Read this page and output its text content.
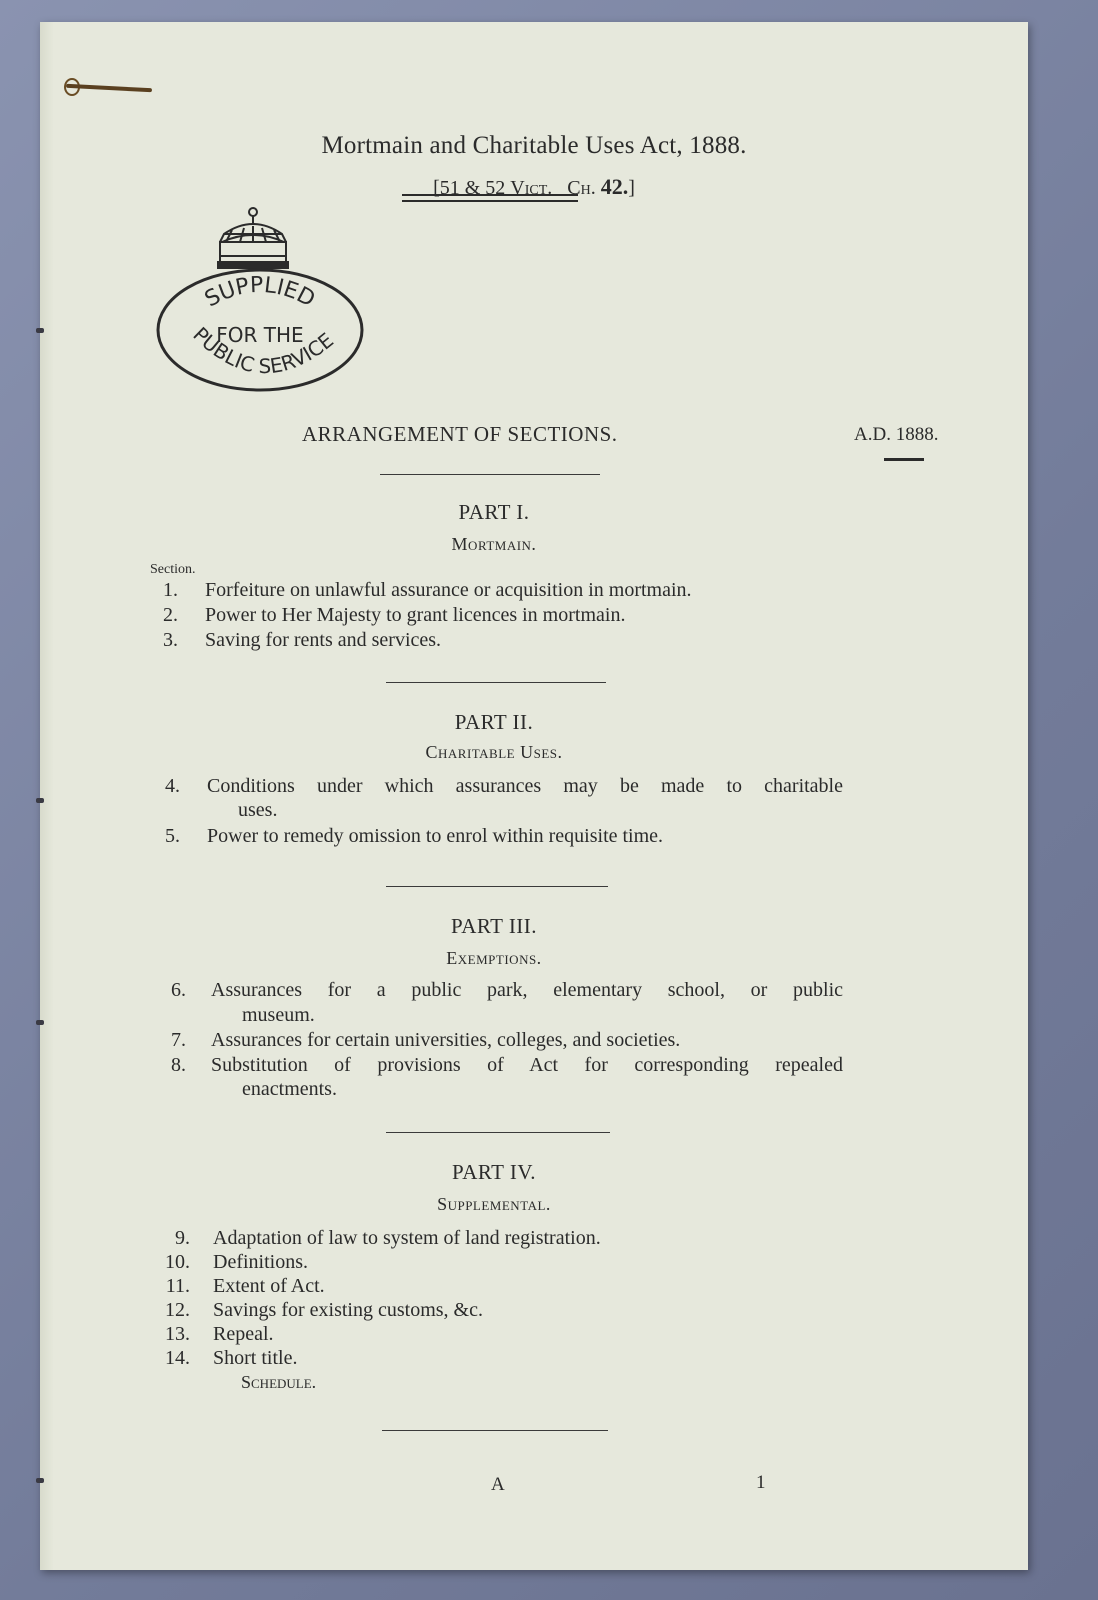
Mortmain and Charitable Uses Act, 1888.
[51 & 52 Vict. Ch. 42.]
SUPPLIED
FOR THE
PUBLIC SERVICE
ARRANGEMENT OF SECTIONS.	A.D. 1888.
PART I.
Mortmain.
Section.
1. Forfeiture on unlawful assurance or acquisition in mortmain.
2. Power to Her Majesty to grant licences in mortmain.
3. Saving for rents and services.
PART II.
Charitable Uses.
4. Conditions under which assurances may be made to charitable
uses.
5. Power to remedy omission to enrol within requisite time.
PART III.
Exemptions.
6. Assurances for a public park, elementary school, or public
museum.
7. Assurances for certain universities, colleges, and societies.
8. Substitution of provisions of Act for corresponding repealed
enactments.
PART IV.
Supplemental.
9. Adaptation of law to system of land registration.
10. Definitions.
11. Extent of Act.
12. Savings for existing customs, &c.
13. Repeal.
14. Short title.
Schedule.
A	1
